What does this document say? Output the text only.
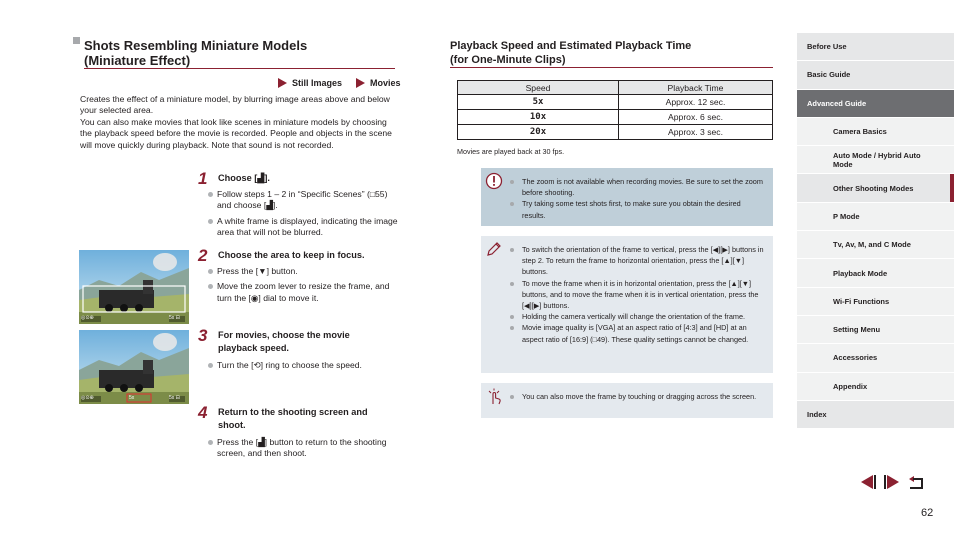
Shots Resembling Miniature Models
(Miniature Effect)
Still Images	Movies
Creates the effect of a miniature model, by blurring image areas above and below your selected area.
You can also make movies that look like scenes in miniature models by choosing the playback speed before the movie is recorded. People and objects in the scene will move quickly during playback. Note that sound is not recorded.
1 Choose [▟].
Follow steps 1 – 2 in “Specific Scenes” (□55) and choose [▟].
A white frame is displayed, indicating the image area that will not be blurred.
2 Choose the area to keep in focus.
Press the [▼] button.
Move the zoom lever to resize the frame, and turn the [◉] dial to move it.
3 For movies, choose the movie
playback speed.
Turn the [⟲] ring to choose the speed.
4 Return to the shooting screen and
shoot.
Press the [▟] button to return to the shooting screen, and then shoot.
◎⊙⊕	5x ⊟
◎⊙⊕	5x	5x ⊟
Playback Speed and Estimated Playback Time
(for One-Minute Clips)
Speed	Playback Time
5x	Approx. 12 sec.
10x	Approx. 6 sec.
20x	Approx. 3 sec.
Movies are played back at 30 fps.
The zoom is not available when recording movies. Be sure to set the zoom before shooting.
Try taking some test shots first, to make sure you obtain the desired results.
To switch the orientation of the frame to vertical, press the [◀][▶] buttons in step 2. To return the frame to horizontal orientation, press the [▲][▼] buttons.
To move the frame when it is in horizontal orientation, press the [▲][▼] buttons, and to move the frame when it is in vertical orientation, press the [◀][▶] buttons.
Holding the camera vertically will change the orientation of the frame.
Movie image quality is [VGA] at an aspect ratio of [4:3] and [HD] at an aspect ratio of [16:9] (□49). These quality settings cannot be changed.
You can also move the frame by touching or dragging across the screen.
Before Use
Basic Guide
Advanced Guide
Camera Basics
Auto Mode / Hybrid Auto Mode
Other Shooting Modes
P Mode
Tv, Av, M, and C Mode
Playback Mode
Wi-Fi Functions
Setting Menu
Accessories
Appendix
Index
62
